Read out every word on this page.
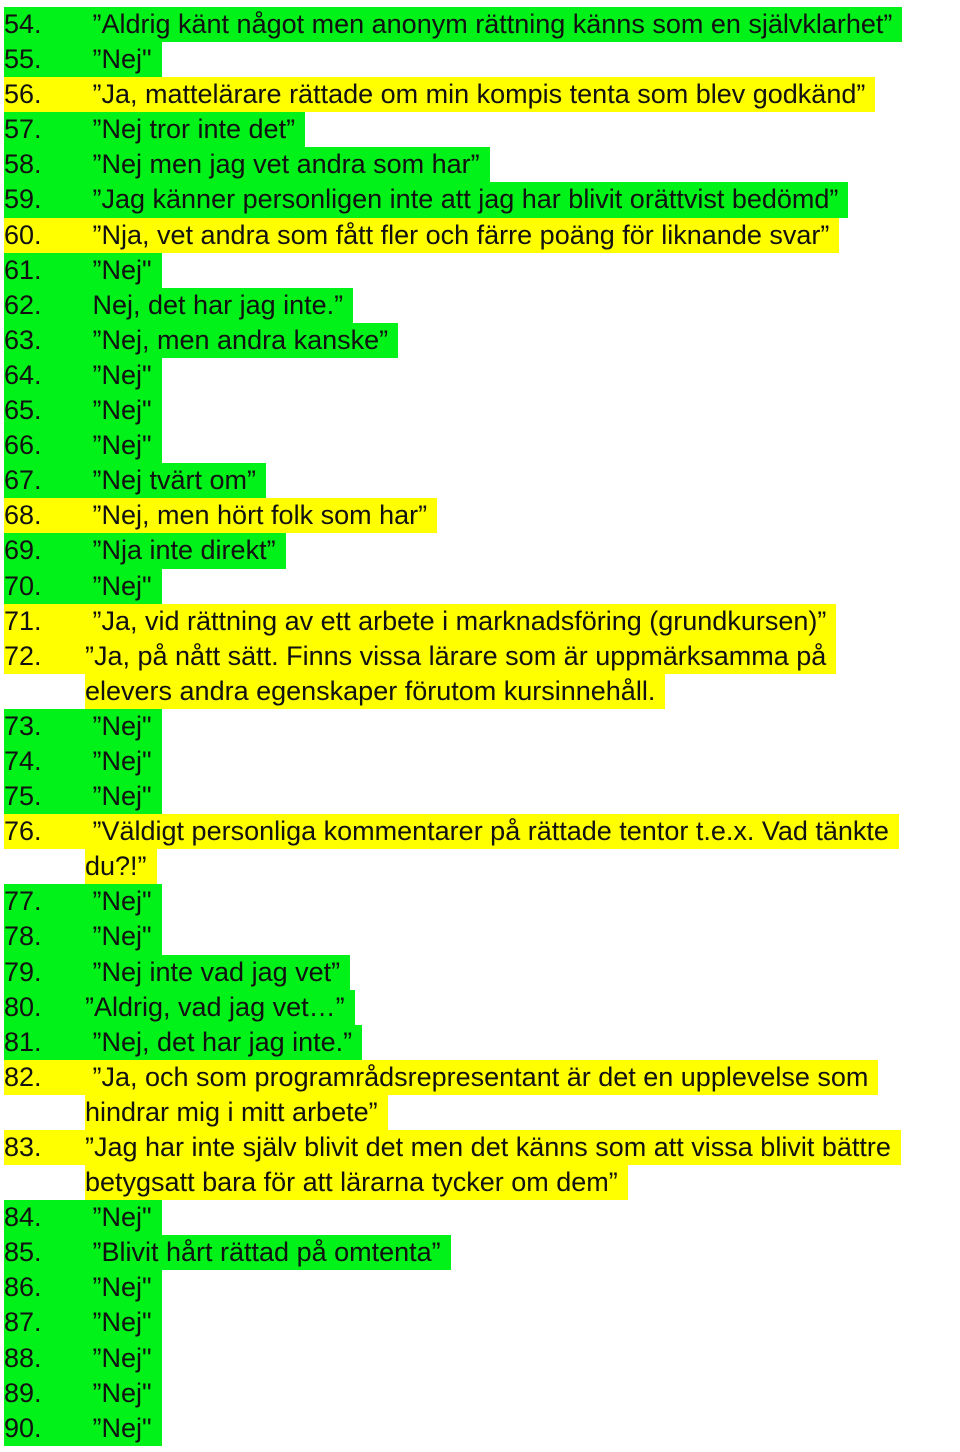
54.	”Aldrig känt något men anonym rättning känns som en självklarhet”
55.	”Nej"
56.	”Ja, mattelärare rättade om min kompis tenta som blev godkänd”
57.	”Nej tror inte det”
58.	”Nej men jag vet andra som har”
59.	”Jag känner personligen inte att jag har blivit orättvist bedömd”
60.	”Nja, vet andra som fått fler och färre poäng för liknande svar”
61.	”Nej"
62.	Nej, det har jag inte.”
63.	”Nej, men andra kanske”
64.	”Nej"
65.	”Nej"
66.	”Nej"
67.	”Nej tvärt om”
68.	”Nej, men hört folk som har”
69.	”Nja inte direkt”
70.	”Nej"
71.	”Ja, vid rättning av ett arbete i marknadsföring (grundkursen)”
72.	”Ja, på nått sätt. Finns vissa lärare som är uppmärksamma på
elevers andra egenskaper förutom kursinnehåll.
73.	”Nej"
74.	”Nej"
75.	”Nej"
76.	”Väldigt personliga kommentarer på rättade tentor t.e.x. Vad tänkte
du?!”
77.	”Nej"
78.	”Nej"
79.	”Nej inte vad jag vet”
80.	”Aldrig, vad jag vet…”
81.	”Nej, det har jag inte.”
82.	”Ja, och som programrådsrepresentant är det en upplevelse som
hindrar mig i mitt arbete”
83.	”Jag har inte själv blivit det men det känns som att vissa blivit bättre
betygsatt bara för att lärarna tycker om dem”
84.	”Nej"
85.	”Blivit hårt rättad på omtenta”
86.	”Nej"
87.	”Nej"
88.	”Nej"
89.	”Nej"
90.	”Nej"
